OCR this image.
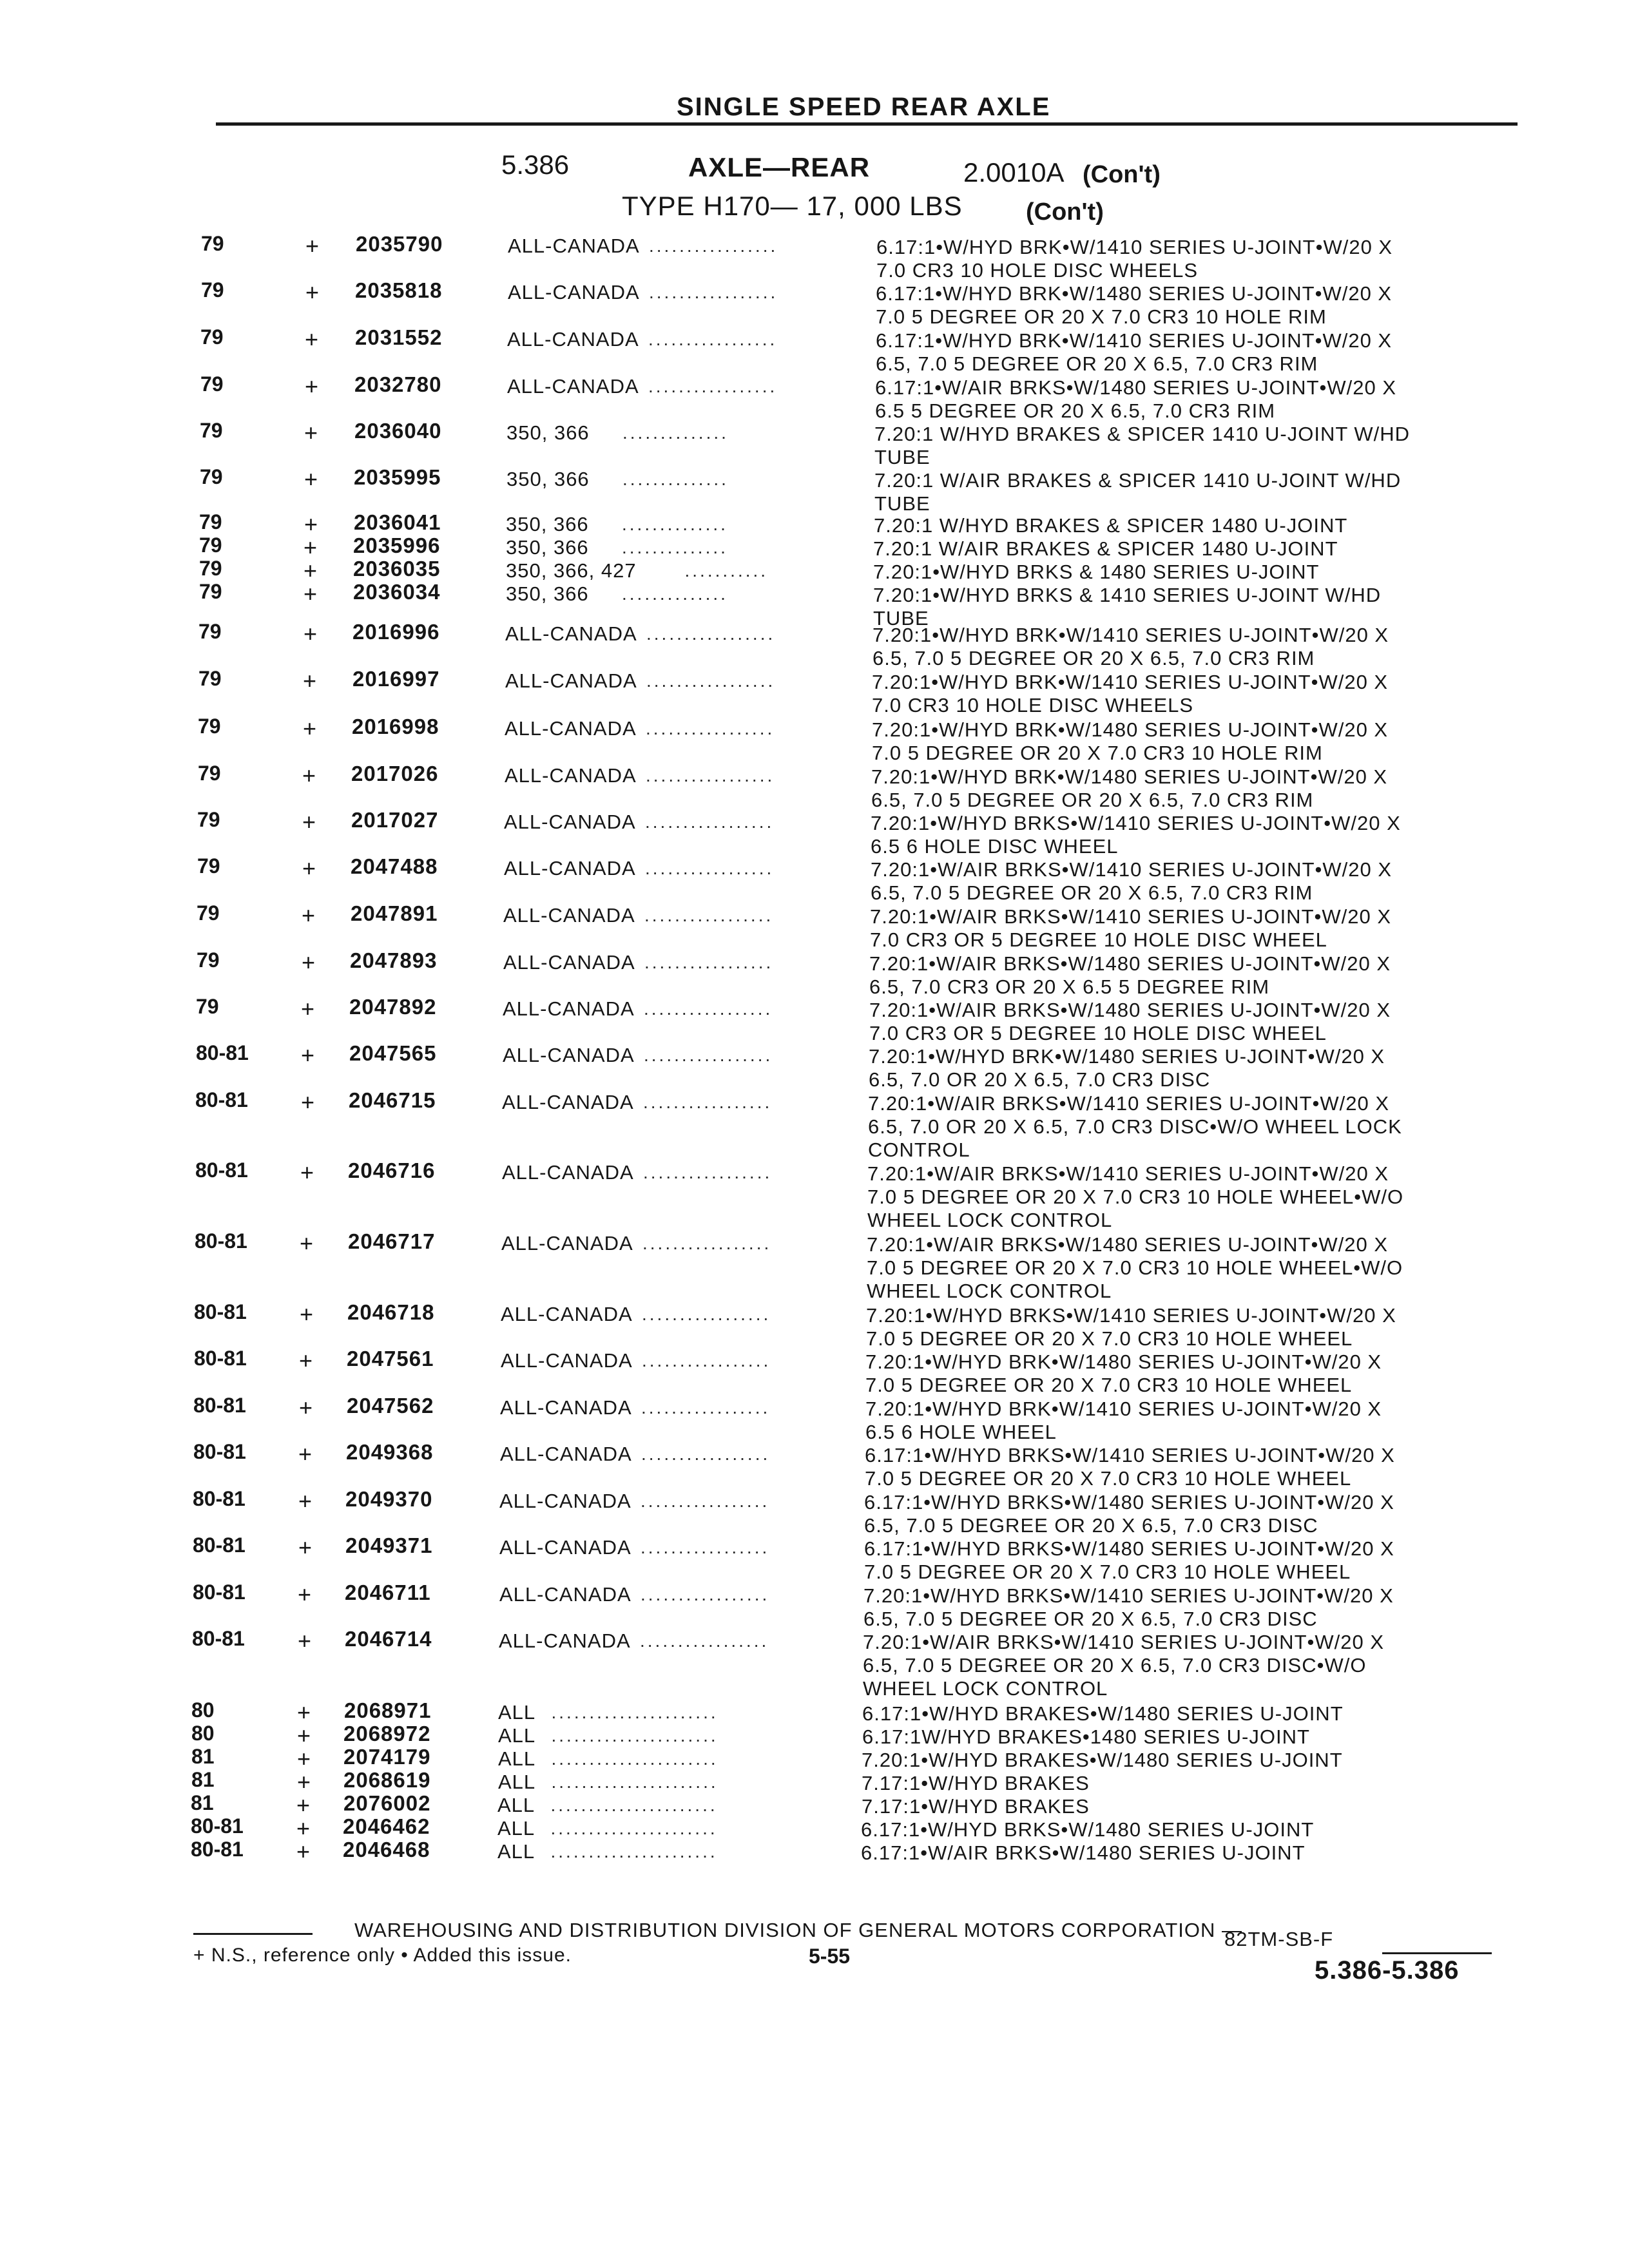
SINGLE SPEED REAR AXLE
5.386	AXLE—REAR	2.0010A (Con't)
TYPE H170— 17, 000 LBS	(Con't)
79	+ 2035790	ALL-CANADA .................	6.17:1•W/HYD BRK•W/1410 SERIES U-JOINT•W/20 X
7.0 CR3 10 HOLE DISC WHEELS
79	+ 2035818	ALL-CANADA .................	6.17:1•W/HYD BRK•W/1480 SERIES U-JOINT•W/20 X
7.0 5 DEGREE OR 20 X 7.0 CR3 10 HOLE RIM
79	+ 2031552	ALL-CANADA .................	6.17:1•W/HYD BRK•W/1410 SERIES U-JOINT•W/20 X
6.5, 7.0 5 DEGREE OR 20 X 6.5, 7.0 CR3 RIM
79	+ 2032780	ALL-CANADA .................	6.17:1•W/AIR BRKS•W/1480 SERIES U-JOINT•W/20 X
6.5 5 DEGREE OR 20 X 6.5, 7.0 CR3 RIM
79	+ 2036040	350, 366 ..............	7.20:1 W/HYD BRAKES & SPICER 1410 U-JOINT W/HD
TUBE
79	+ 2035995	350, 366 ..............	7.20:1 W/AIR BRAKES & SPICER 1410 U-JOINT W/HD
TUBE
79	+ 2036041	350, 366 ..............	7.20:1 W/HYD BRAKES & SPICER 1480 U-JOINT
79	+ 2035996	350, 366 ..............	7.20:1 W/AIR BRAKES & SPICER 1480 U-JOINT
79	+ 2036035	350, 366, 427	...........	7.20:1•W/HYD BRKS & 1480 SERIES U-JOINT
79	+ 2036034	350, 366 ..............	7.20:1•W/HYD BRKS & 1410 SERIES U-JOINT W/HD
TUBE
79	+ 2016996	ALL-CANADA .................	7.20:1•W/HYD BRK•W/1410 SERIES U-JOINT•W/20 X
6.5, 7.0 5 DEGREE OR 20 X 6.5, 7.0 CR3 RIM
79	+ 2016997	ALL-CANADA .................	7.20:1•W/HYD BRK•W/1410 SERIES U-JOINT•W/20 X
7.0 CR3 10 HOLE DISC WHEELS
79	+ 2016998	ALL-CANADA .................	7.20:1•W/HYD BRK•W/1480 SERIES U-JOINT•W/20 X
7.0 5 DEGREE OR 20 X 7.0 CR3 10 HOLE RIM
79	+ 2017026	ALL-CANADA .................	7.20:1•W/HYD BRK•W/1480 SERIES U-JOINT•W/20 X
6.5, 7.0 5 DEGREE OR 20 X 6.5, 7.0 CR3 RIM
79	+ 2017027	ALL-CANADA .................	7.20:1•W/HYD BRKS•W/1410 SERIES U-JOINT•W/20 X
6.5 6 HOLE DISC WHEEL
79	+ 2047488	ALL-CANADA .................	7.20:1•W/AIR BRKS•W/1410 SERIES U-JOINT•W/20 X
6.5, 7.0 5 DEGREE OR 20 X 6.5, 7.0 CR3 RIM
79	+ 2047891	ALL-CANADA .................	7.20:1•W/AIR BRKS•W/1410 SERIES U-JOINT•W/20 X
7.0 CR3 OR 5 DEGREE 10 HOLE DISC WHEEL
79	+ 2047893	ALL-CANADA .................	7.20:1•W/AIR BRKS•W/1480 SERIES U-JOINT•W/20 X
6.5, 7.0 CR3 OR 20 X 6.5 5 DEGREE RIM
79	+ 2047892	ALL-CANADA .................	7.20:1•W/AIR BRKS•W/1480 SERIES U-JOINT•W/20 X
7.0 CR3 OR 5 DEGREE 10 HOLE DISC WHEEL
80-81 + 2047565	ALL-CANADA .................	7.20:1•W/HYD BRK•W/1480 SERIES U-JOINT•W/20 X
6.5, 7.0 OR 20 X 6.5, 7.0 CR3 DISC
80-81 + 2046715	ALL-CANADA .................	7.20:1•W/AIR BRKS•W/1410 SERIES U-JOINT•W/20 X
6.5, 7.0 OR 20 X 6.5, 7.0 CR3 DISC•W/O WHEEL LOCK
CONTROL
80-81 + 2046716	ALL-CANADA .................	7.20:1•W/AIR BRKS•W/1410 SERIES U-JOINT•W/20 X
7.0 5 DEGREE OR 20 X 7.0 CR3 10 HOLE WHEEL•W/O
WHEEL LOCK CONTROL
80-81 + 2046717	ALL-CANADA .................	7.20:1•W/AIR BRKS•W/1480 SERIES U-JOINT•W/20 X
7.0 5 DEGREE OR 20 X 7.0 CR3 10 HOLE WHEEL•W/O
WHEEL LOCK CONTROL
80-81 + 2046718	ALL-CANADA .................	7.20:1•W/HYD BRKS•W/1410 SERIES U-JOINT•W/20 X
7.0 5 DEGREE OR 20 X 7.0 CR3 10 HOLE WHEEL
80-81 + 2047561	ALL-CANADA .................	7.20:1•W/HYD BRK•W/1480 SERIES U-JOINT•W/20 X
7.0 5 DEGREE OR 20 X 7.0 CR3 10 HOLE WHEEL
80-81 + 2047562	ALL-CANADA .................	7.20:1•W/HYD BRK•W/1410 SERIES U-JOINT•W/20 X
6.5 6 HOLE WHEEL
80-81 + 2049368	ALL-CANADA .................	6.17:1•W/HYD BRKS•W/1410 SERIES U-JOINT•W/20 X
7.0 5 DEGREE OR 20 X 7.0 CR3 10 HOLE WHEEL
80-81 + 2049370	ALL-CANADA .................	6.17:1•W/HYD BRKS•W/1480 SERIES U-JOINT•W/20 X
6.5, 7.0 5 DEGREE OR 20 X 6.5, 7.0 CR3 DISC
80-81 + 2049371	ALL-CANADA .................	6.17:1•W/HYD BRKS•W/1480 SERIES U-JOINT•W/20 X
7.0 5 DEGREE OR 20 X 7.0 CR3 10 HOLE WHEEL
80-81 + 2046711	ALL-CANADA .................	7.20:1•W/HYD BRKS•W/1410 SERIES U-JOINT•W/20 X
6.5, 7.0 5 DEGREE OR 20 X 6.5, 7.0 CR3 DISC
80-81 + 2046714	ALL-CANADA .................	7.20:1•W/AIR BRKS•W/1410 SERIES U-JOINT•W/20 X
6.5, 7.0 5 DEGREE OR 20 X 6.5, 7.0 CR3 DISC•W/O
WHEEL LOCK CONTROL
80	+ 2068971	ALL ......................	6.17:1•W/HYD BRAKES•W/1480 SERIES U-JOINT
80	+ 2068972	ALL ......................	6.17:1W/HYD BRAKES•1480 SERIES U-JOINT
81	+ 2074179	ALL ......................	7.20:1•W/HYD BRAKES•W/1480 SERIES U-JOINT
81	+ 2068619	ALL ......................	7.17:1•W/HYD BRAKES
81	+ 2076002	ALL ......................	7.17:1•W/HYD BRAKES
80-81 + 2046462	ALL ......................	6.17:1•W/HYD BRKS•W/1480 SERIES U-JOINT
80-81 + 2046468	ALL ......................	6.17:1•W/AIR BRKS•W/1480 SERIES U-JOINT
WAREHOUSING AND DISTRIBUTION DIVISION OF GENERAL MOTORS CORPORATION —
82TM-SB-F
+ N.S., reference only • Added this issue.	5-55	5.386-5.386
